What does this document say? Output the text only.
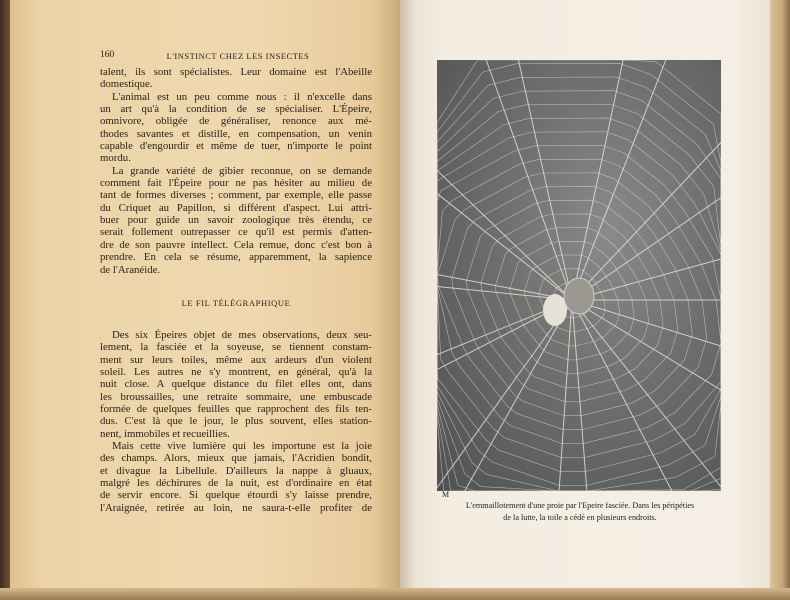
160	L'INSTINCT CHEZ LES INSECTES
talent, ils sont spécialistes. Leur domaine est l'Abeille
domestique.
L'animal est un peu comme nous : il n'excelle dans
un art qu'à la condition de se spécialiser. L'Épeire,
omnivore, obligée de généraliser, renonce aux mé-
thodes savantes et distille, en compensation, un venin
capable d'engourdir et même de tuer, n'importe le point
mordu.
La grande variété de gibier reconnue, on se demande
comment fait l'Épeire pour ne pas hésiter au milieu de
tant de formes diverses ; comment, par exemple, elle passe
du Criquet au Papillon, si différent d'aspect. Lui attri-
buer pour guide un savoir zoologique très étendu, ce
serait follement outrepasser ce qu'il est permis d'atten-
dre de son pauvre intellect. Cela remue, donc c'est bon à
prendre. En cela se résume, apparemment, la sapience
de l'Aranéide.
LE FIL TÉLÉGRAPHIQUE
Des six Épeires objet de mes observations, deux seu-
lement, la fasciée et la soyeuse, se tiennent constam-
ment sur leurs toiles, même aux ardeurs d'un violent
soleil. Les autres ne s'y montrent, en général, qu'à la
nuit close. A quelque distance du filet elles ont, dans
les broussailles, une retraite sommaire, une embuscade
formée de quelques feuilles que rapprochent des fils ten-
dus. C'est là que le jour, le plus souvent, elles station-
nent, immobiles et recueillies.
Mais cette vive lumière qui les importune est la joie
des champs. Alors, mieux que jamais, l'Acridien bondit,
et divague la Libellule. D'ailleurs la nappe à gluaux,
malgré les déchirures de la nuit, est d'ordinaire en état
de servir encore. Si quelque étourdi s'y laisse prendre,
l'Araignée, retirée au loin, ne saura-t-elle profiter de
M
L'emmaillotement d'une proie par l'Epeire fasciée. Dans les péripéties
de la lutte, la toile a cédé en plusieurs endroits.
